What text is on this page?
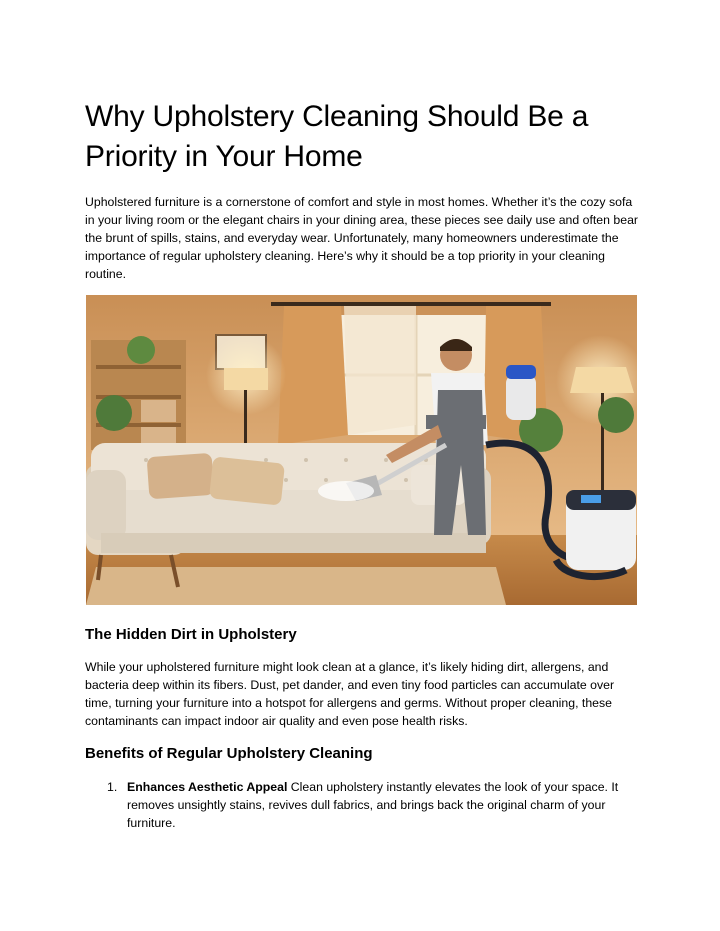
Why Upholstery Cleaning Should Be a Priority in Your Home

Upholstered furniture is a cornerstone of comfort and style in most homes. Whether it’s the cozy sofa in your living room or the elegant chairs in your dining area, these pieces see daily use and often bear the brunt of spills, stains, and everyday wear. Unfortunately, many homeowners underestimate the importance of regular upholstery cleaning. Here’s why it should be a top priority in your cleaning routine.

The Hidden Dirt in Upholstery

While your upholstered furniture might look clean at a glance, it’s likely hiding dirt, allergens, and bacteria deep within its fibers. Dust, pet dander, and even tiny food particles can accumulate over time, turning your furniture into a hotspot for allergens and germs. Without proper cleaning, these contaminants can impact indoor air quality and even pose health risks.

Benefits of Regular Upholstery Cleaning
1. Enhances Aesthetic Appeal Clean upholstery instantly elevates the look of your space. It removes unsightly stains, revives dull fabrics, and brings back the original charm of your furniture.
